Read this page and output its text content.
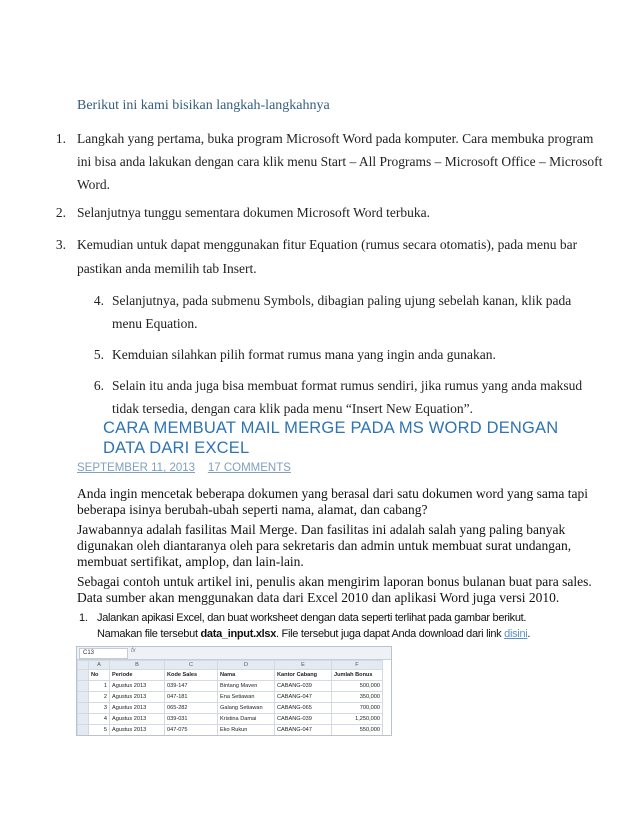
Berikut ini kami bisikan langkah-langkahnya
1. Langkah yang pertama, buka program Microsoft Word pada komputer. Cara membuka program
ini bisa anda lakukan dengan cara klik menu Start – All Programs – Microsoft Office – Microsoft
Word.
2. Selanjutnya tunggu sementara dokumen Microsoft Word terbuka.
3. Kemudian untuk dapat menggunakan fitur Equation (rumus secara otomatis), pada menu bar
pastikan anda memilih tab Insert.
4. Selanjutnya, pada submenu Symbols, dibagian paling ujung sebelah kanan, klik pada
menu Equation.
5. Kemduian silahkan pilih format rumus mana yang ingin anda gunakan.
6. Selain itu anda juga bisa membuat format rumus sendiri, jika rumus yang anda maksud
tidak tersedia, dengan cara klik pada menu “Insert New Equation”.
CARA MEMBUAT MAIL MERGE PADA MS WORD DENGAN
DATA DARI EXCEL
SEPTEMBER 11, 2013 17 COMMENTS
Anda ingin mencetak beberapa dokumen yang berasal dari satu dokumen word yang sama tapi
beberapa isinya berubah-ubah seperti nama, alamat, dan cabang?
Jawabannya adalah fasilitas Mail Merge. Dan fasilitas ini adalah salah yang paling banyak
digunakan oleh diantaranya oleh para sekretaris dan admin untuk membuat surat undangan,
membuat sertifikat, amplop, dan lain-lain.
Sebagai contoh untuk artikel ini, penulis akan mengirim laporan bonus bulanan buat para sales.
Data sumber akan menggunakan data dari Excel 2010 dan aplikasi Word juga versi 2010.
1. Jalankan apikasi Excel, dan buat worksheet dengan data seperti terlihat pada gambar berikut.
Namakan file tersebut data_input.xlsx. File tersebut juga dapat Anda download dari link disini.
C13	fx
	A	B	C	D	E	F
	No	Periode	Kode Sales	Nama	Kantor Cabang	Jumlah Bonus
	1	Agustus 2013	039-147	Bintang Maven	CABANG-039	500,000
	2	Agustus 2013	047-181	Ena Setiawan	CABANG-047	350,000
	3	Agustus 2013	065-282	Galang Setiawan	CABANG-065	700,000
	4	Agustus 2013	039-031	Kristina Damai	CABANG-039	1,250,000
	5	Agustus 2013	047-075	Eko Rukun	CABANG-047	550,000
